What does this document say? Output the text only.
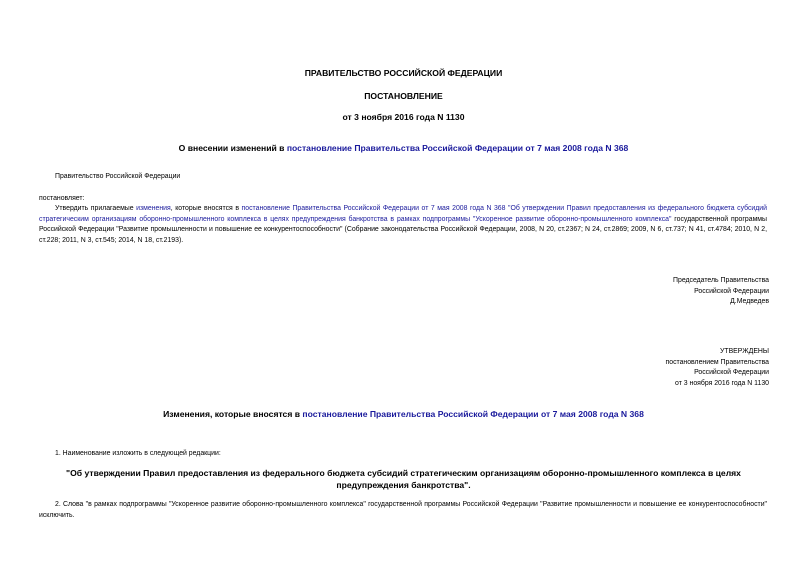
ПРАВИТЕЛЬСТВО РОССИЙСКОЙ ФЕДЕРАЦИИ
ПОСТАНОВЛЕНИЕ
от 3 ноября 2016 года N 1130
О внесении изменений в постановление Правительства Российской Федерации от 7 мая 2008 года N 368
Правительство Российской Федерации
постановляет:
Утвердить прилагаемые изменения, которые вносятся в постановление Правительства Российской Федерации от 7 мая 2008 года N 368 "Об утверждении Правил предоставления из федерального бюджета субсидий стратегическим организациям оборонно-промышленного комплекса в целях предупреждения банкротства в рамках подпрограммы "Ускоренное развитие оборонно-промышленного комплекса" государственной программы Российской Федерации "Развитие промышленности и повышение ее конкурентоспособности" (Собрание законодательства Российской Федерации, 2008, N 20, ст.2367; N 24, ст.2869; 2009, N 6, ст.737; N 41, ст.4784; 2010, N 2, ст.228; 2011, N 3, ст.545; 2014, N 18, ст.2193).
Председатель Правительства
Российской Федерации
Д.Медведев
УТВЕРЖДЕНЫ
постановлением Правительства
Российской Федерации
от 3 ноября 2016 года N 1130
Изменения, которые вносятся в постановление Правительства Российской Федерации от 7 мая 2008 года N 368
1. Наименование изложить в следующей редакции:
"Об утверждении Правил предоставления из федерального бюджета субсидий стратегическим организациям оборонно-промышленного комплекса в целях предупреждения банкротства".
2. Слова "в рамках подпрограммы "Ускоренное развитие оборонно-промышленного комплекса" государственной программы Российской Федерации "Развитие промышленности и повышение ее конкурентоспособности" исключить.
